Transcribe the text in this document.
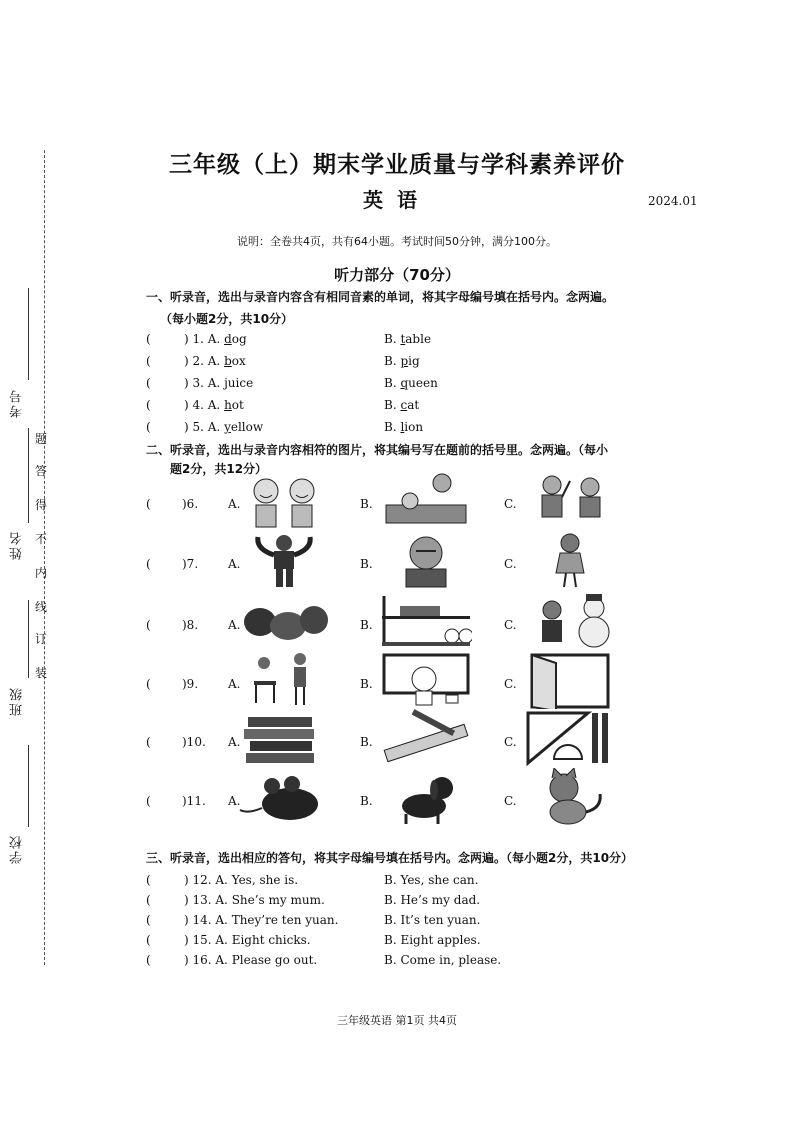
考号
姓名
班级
学校
题
答
得
不
内
线
订
装
三年级（上）期末学业质量与学科素养评价
英语	2024.01
说明：全卷共4页，共有64小题。考试时间50分钟，满分100分。
听力部分（70分）
一、听录音，选出与录音内容含有相同音素的单词，将其字母编号填在括号内。念两遍。
（每小题2分，共10分）
(	) 1. A. dog	B. table
(	) 2. A. box	B. pig
(	) 3. A. juice	B. queen
(	) 4. A. hot	B. cat
(	) 5. A. yellow	B. lion
二、听录音，选出与录音内容相符的图片，将其编号写在题前的括号里。念两遍。（每小
题2分，共12分）
(	)6. A.	B.	C.
(	)7. A.	B.	C.
(	)8. A.	B.	C.
(	)9. A.	B.	C.
(	)10. A.	B.	C.
(	)11. A.	B.	C.
三、听录音，选出相应的答句，将其字母编号填在括号内。念两遍。（每小题2分，共10分）
(	) 12. A. Yes, she is.	B. Yes, she can.
(	) 13. A. She’s my mum.	B. He’s my dad.
(	) 14. A. They’re ten yuan.	B. It’s ten yuan.
(	) 15. A. Eight chicks.	B. Eight apples.
(	) 16. A. Please go out.	B. Come in, please.
三年级英语 第1页 共4页
